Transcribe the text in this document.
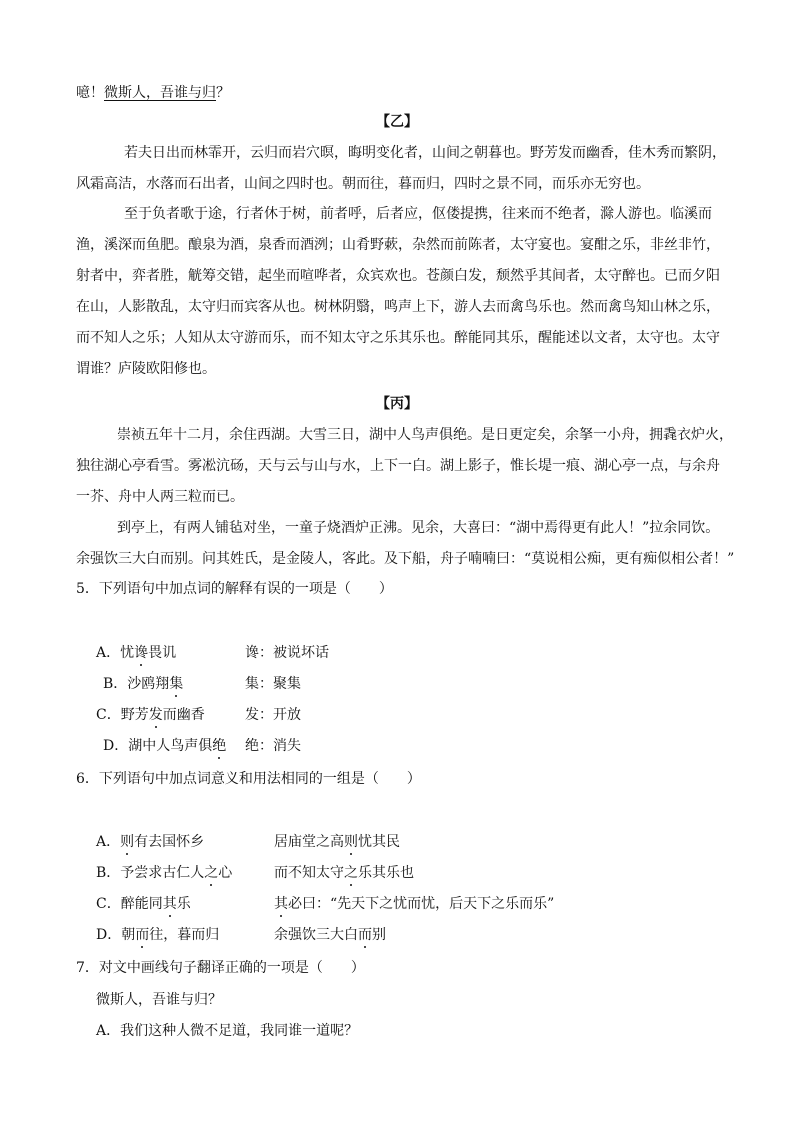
噫！微斯人，吾谁与归？
【乙】
若夫日出而林霏开，云归而岩穴暝，晦明变化者，山间之朝暮也。野芳发而幽香，佳木秀而繁阴，
风霜高洁，水落而石出者，山间之四时也。朝而往，暮而归，四时之景不同，而乐亦无穷也。
至于负者歌于途，行者休于树，前者呼，后者应，伛偻提携，往来而不绝者，滁人游也。临溪而
渔，溪深而鱼肥。酿泉为酒，泉香而酒洌；山肴野蔌，杂然而前陈者，太守宴也。宴酣之乐，非丝非竹，
射者中，弈者胜，觥筹交错，起坐而喧哗者，众宾欢也。苍颜白发，颓然乎其间者，太守醉也。已而夕阳
在山，人影散乱，太守归而宾客从也。树林阴翳，鸣声上下，游人去而禽鸟乐也。然而禽鸟知山林之乐，
而不知人之乐；人知从太守游而乐，而不知太守之乐其乐也。醉能同其乐，醒能述以文者，太守也。太守
谓谁？庐陵欧阳修也。
【丙】
崇祯五年十二月，余住西湖。大雪三日，湖中人鸟声俱绝。是日更定矣，余拏一小舟，拥毳衣炉火，
独往湖心亭看雪。雾凇沆砀，天与云与山与水，上下一白。湖上影子，惟长堤一痕、湖心亭一点，与余舟
一芥、舟中人两三粒而已。
到亭上，有两人铺毡对坐，一童子烧酒炉正沸。见余，大喜曰：“湖中焉得更有此人！”拉余同饮。
余强饮三大白而别。问其姓氏，是金陵人，客此。及下船，舟子喃喃曰：“莫说相公痴，更有痴似相公者！”
5．下列语句中加点词的解释有误的一项是（　　）
A．忧谗畏讥	谗：被说坏话
B．沙鸥翔集	集：聚集
C．野芳发而幽香	发：开放
D．湖中人鸟声俱绝 绝：消失
6．下列语句中加点词意义和用法相同的一组是（　　）
A．则有去国怀乡	居庙堂之高则忧其民
B．予尝求古仁人之心	而不知太守之乐其乐也
C．醉能同其乐	其必曰：“先天下之忧而忧，后天下之乐而乐”
D．朝而往，暮而归	余强饮三大白而别
7．对文中画线句子翻译正确的一项是（　　）
微斯人，吾谁与归？
A．我们这种人微不足道，我同谁一道呢？
